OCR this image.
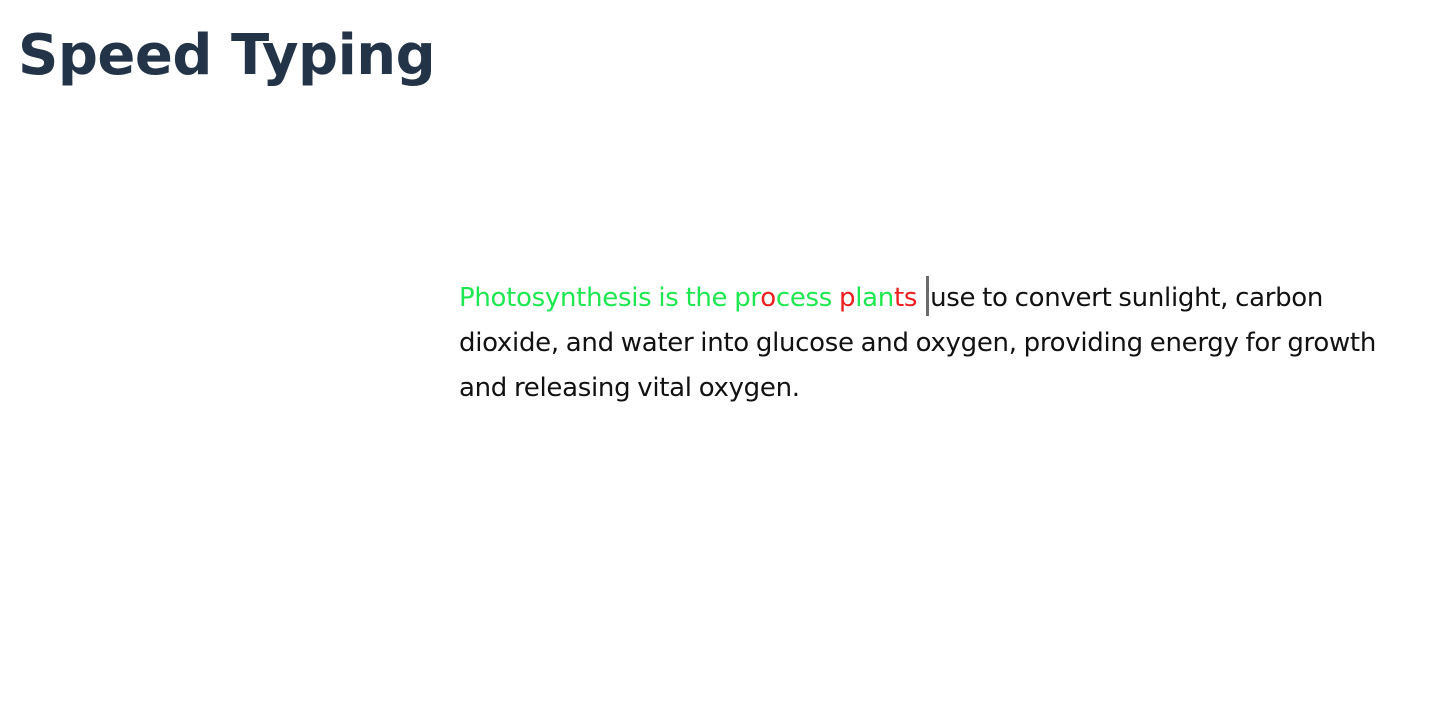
Speed Typing
Photosynthesis is the process plants use to convert sunlight, carbon dioxide, and water into glucose and oxygen, providing energy for growth and releasing vital oxygen.
